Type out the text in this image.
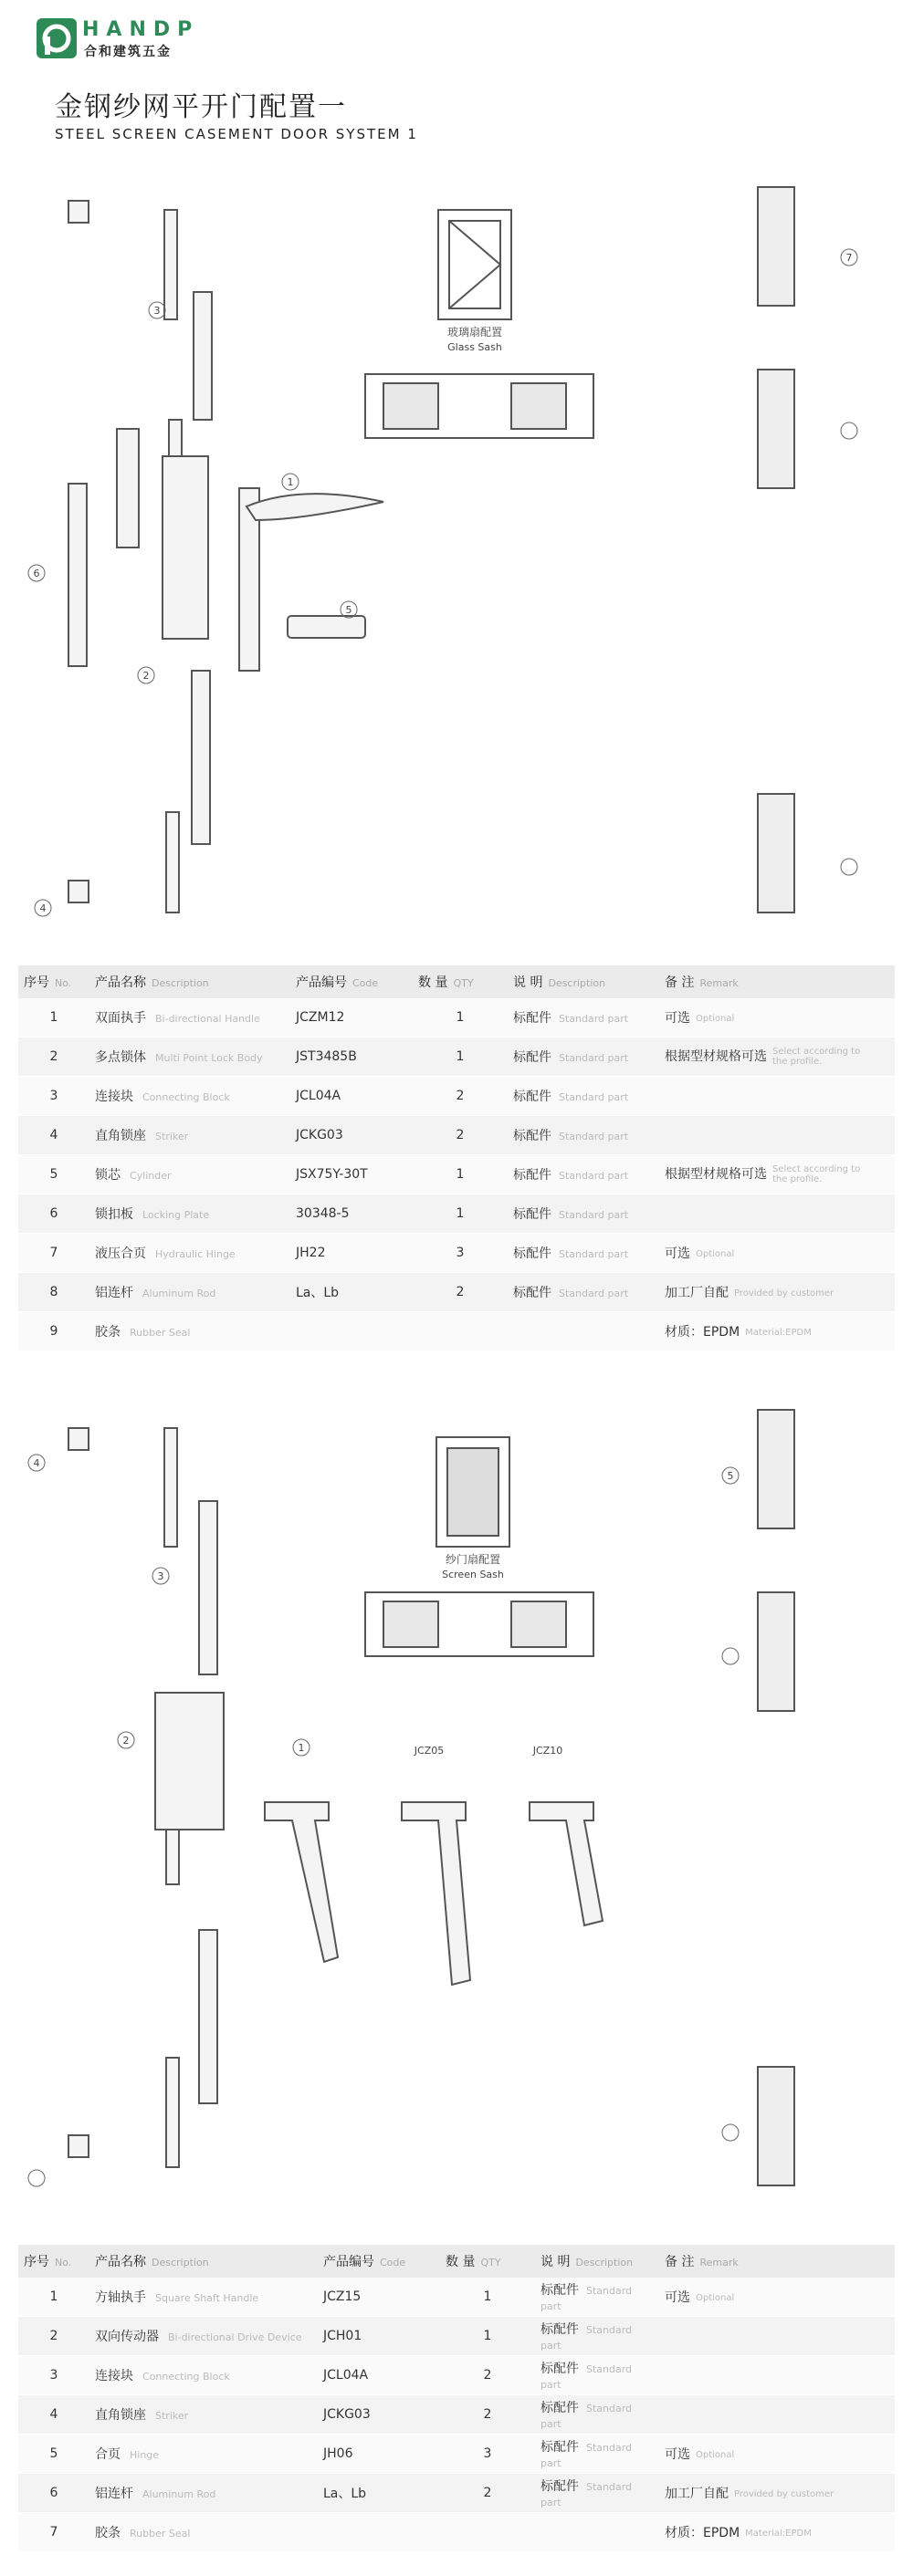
HANDP
合和建筑五金
金钢纱网平开门配置一
STEEL SCREEN CASEMENT DOOR SYSTEM 1
1
2
3
4
5
6
7
玻璃扇配置
Glass Sash
序号 No.	产品名称 Description	产品编号 Code	数 量 QTY	说 明 Description	备 注 Remark
1	双面执手 Bi-directional Handle	JCZM12	1	标配件 Standard part	可选 Optional
2	多点锁体 Multi Point Lock Body	JST3485B	1	标配件 Standard part	根据型材规格可选 Select according to the profile.
3	连接块 Connecting Block	JCL04A	2	标配件 Standard part	
4	直角锁座 Striker	JCKG03	2	标配件 Standard part	
5	锁芯 Cylinder	JSX75Y-30T	1	标配件 Standard part	根据型材规格可选 Select according to the profile.
6	锁扣板 Locking Plate	30348-5	1	标配件 Standard part	
7	液压合页 Hydraulic Hinge	JH22	3	标配件 Standard part	可选 Optional
8	铝连杆 Aluminum Rod	La、Lb	2	标配件 Standard part	加工厂自配 Provided by customer
9	胶条 Rubber Seal				材质：EPDM Material:EPDM
1
2
3
4
5
JCZ05	JCZ10
纱门扇配置
Screen Sash
序号 No.	产品名称 Description	产品编号 Code	数 量 QTY	说 明 Description	备 注 Remark
1	方轴执手 Square Shaft Handle	JCZ15	1	标配件 Standard part	可选 Optional
2	双向传动器 Bi-directional Drive Device	JCH01	1	标配件 Standard part	
3	连接块 Connecting Block	JCL04A	2	标配件 Standard part	
4	直角锁座 Striker	JCKG03	2	标配件 Standard part	
5	合页 Hinge	JH06	3	标配件 Standard part	可选 Optional
6	铝连杆 Aluminum Rod	La、Lb	2	标配件 Standard part	加工厂自配 Provided by customer
7	胶条 Rubber Seal				材质：EPDM Material:EPDM
